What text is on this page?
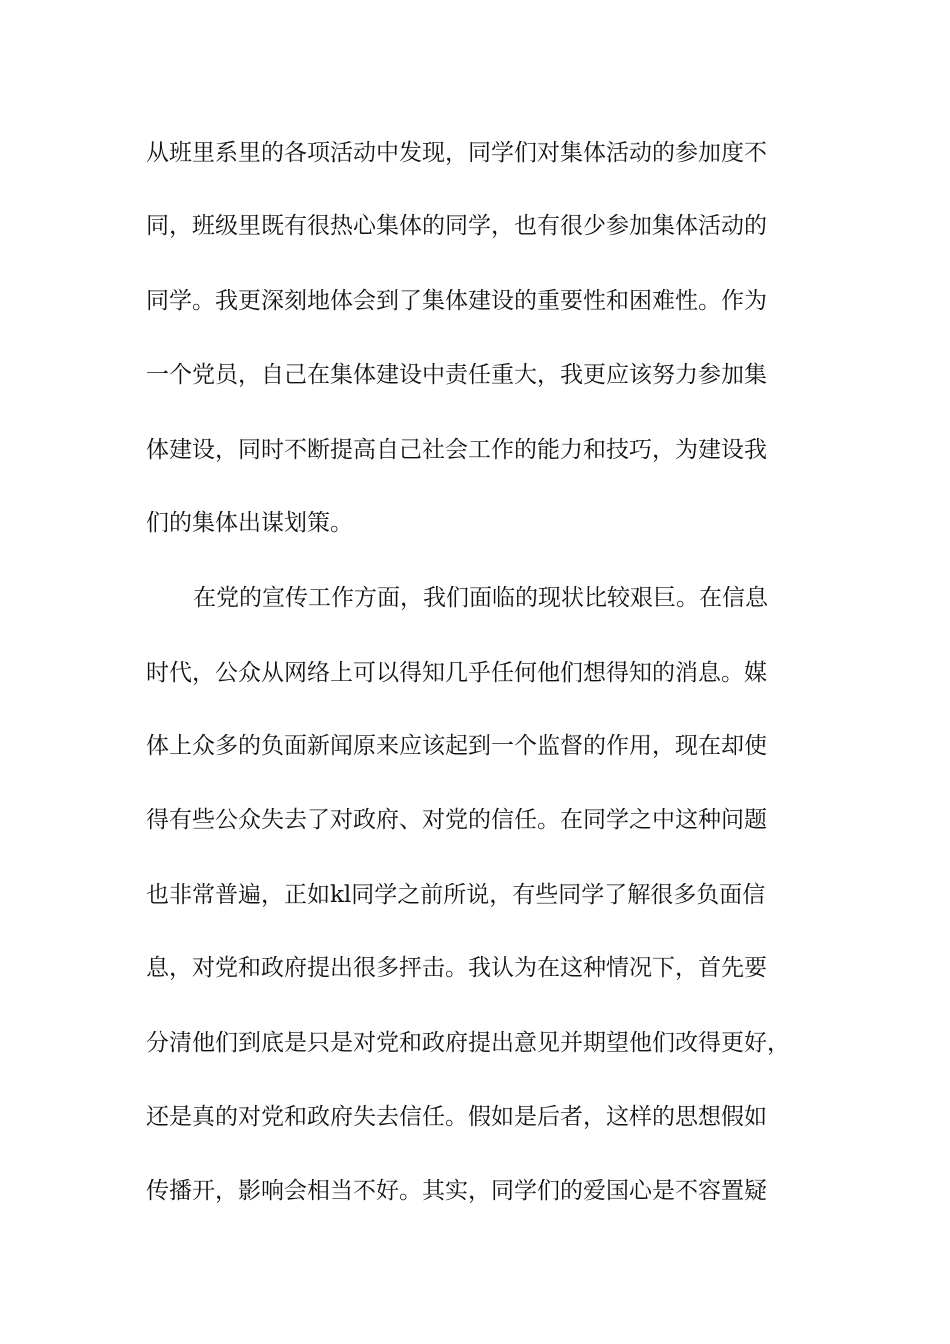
从班里系里的各项活动中发现，同学们对集体活动的参加度不
同，班级里既有很热心集体的同学，也有很少参加集体活动的
同学。我更深刻地体会到了集体建设的重要性和困难性。作为
一个党员，自己在集体建设中责任重大，我更应该努力参加集
体建设，同时不断提高自己社会工作的能力和技巧，为建设我
们的集体出谋划策。
在党的宣传工作方面，我们面临的现状比较艰巨。在信息
时代，公众从网络上可以得知几乎任何他们想得知的消息。媒
体上众多的负面新闻原来应该起到一个监督的作用，现在却使
得有些公众失去了对政府、对党的信任。在同学之中这种问题
也非常普遍，正如kl同学之前所说，有些同学了解很多负面信
息，对党和政府提出很多抨击。我认为在这种情况下，首先要
分清他们到底是只是对党和政府提出意见并期望他们改得更好，
还是真的对党和政府失去信任。假如是后者，这样的思想假如
传播开，影响会相当不好。其实，同学们的爱国心是不容置疑
